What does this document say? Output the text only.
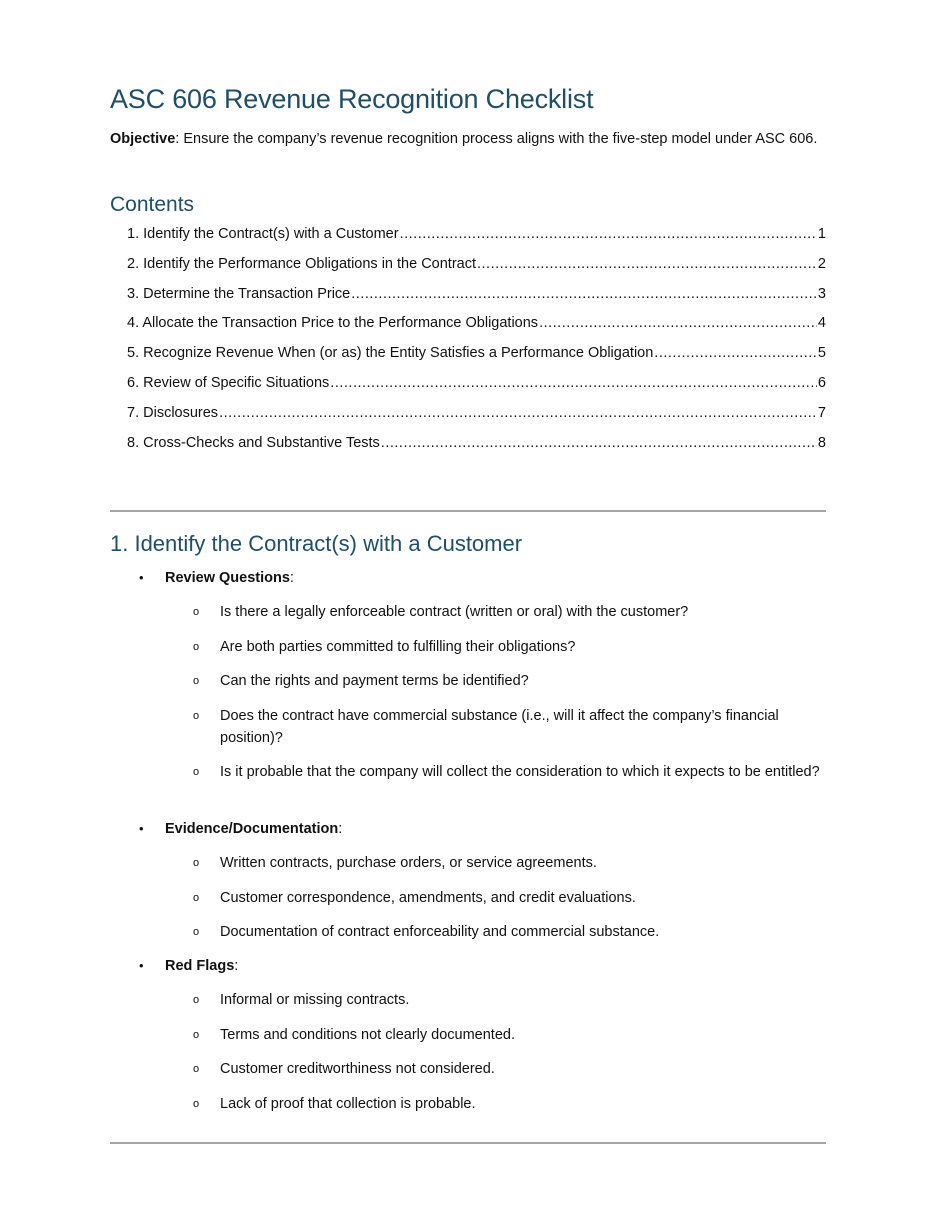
ASC 606 Revenue Recognition Checklist
Objective: Ensure the company’s revenue recognition process aligns with the five-step model under ASC 606.
Contents
1. Identify the Contract(s) with a Customer .....	1
2. Identify the Performance Obligations in the Contract .....	2
3. Determine the Transaction Price .....	3
4. Allocate the Transaction Price to the Performance Obligations .....	4
5. Recognize Revenue When (or as) the Entity Satisfies a Performance Obligation .....	5
6. Review of Specific Situations .....	6
7. Disclosures .....	7
8. Cross-Checks and Substantive Tests .....	8
1. Identify the Contract(s) with a Customer
• Review Questions:
o Is there a legally enforceable contract (written or oral) with the customer?
o Are both parties committed to fulfilling their obligations?
o Can the rights and payment terms be identified?
o Does the contract have commercial substance (i.e., will it affect the company’s financial position)?
o Is it probable that the company will collect the consideration to which it expects to be entitled?
• Evidence/Documentation:
o Written contracts, purchase orders, or service agreements.
o Customer correspondence, amendments, and credit evaluations.
o Documentation of contract enforceability and commercial substance.
• Red Flags:
o Informal or missing contracts.
o Terms and conditions not clearly documented.
o Customer creditworthiness not considered.
o Lack of proof that collection is probable.
